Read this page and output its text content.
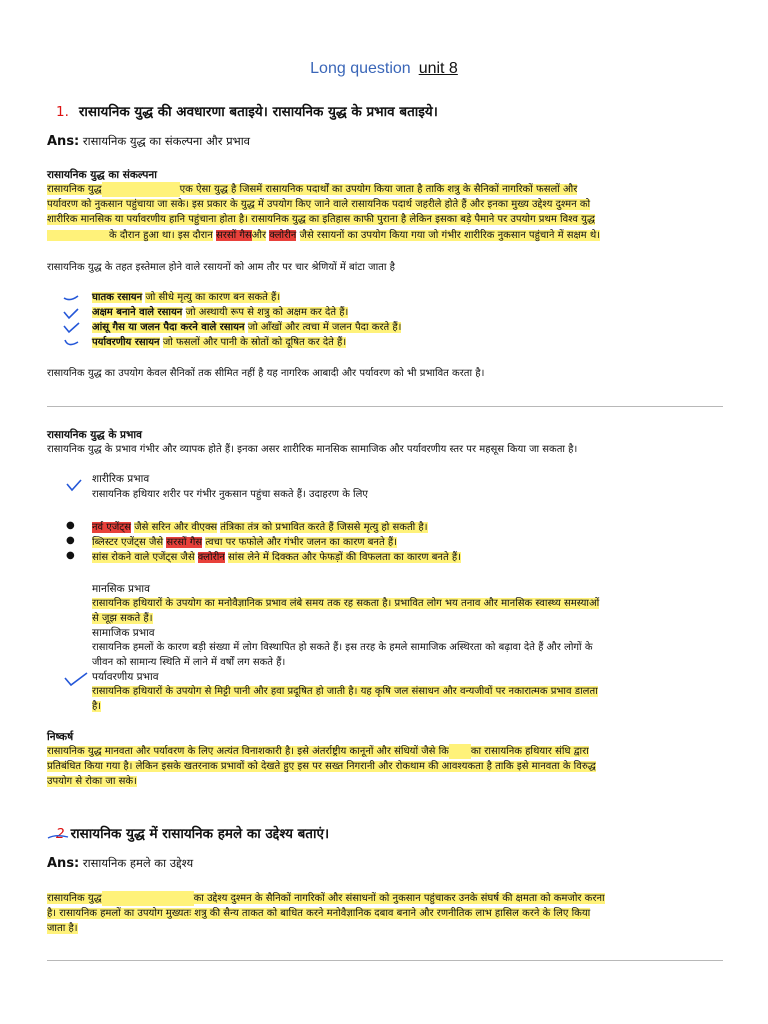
Long question unit 8
1. रासायनिक युद्ध की अवधारणा बताइये। रासायनिक युद्ध के प्रभाव बताइये।
Ans: रासायनिक युद्ध का संकल्पना और प्रभाव
रासायनिक युद्ध का संकल्पना
रासायनिक युद्ध	एक ऐसा युद्ध है जिसमें रासायनिक पदार्थों का उपयोग किया जाता है ताकि शत्रु के सैनिकों नागरिकों फसलों और
पर्यावरण को नुकसान पहुंचाया जा सके। इस प्रकार के युद्ध में उपयोग किए जाने वाले रासायनिक पदार्थ जहरीले होते हैं और इनका मुख्य उद्देश्य दुश्मन को
शारीरिक मानसिक या पर्यावरणीय हानि पहुंचाना होता है। रासायनिक युद्ध का इतिहास काफी पुराना है लेकिन इसका बड़े पैमाने पर उपयोग प्रथम विश्व युद्ध
के दौरान हुआ था। इस दौरान सरसों गैसऔर क्लोरीन जैसे रसायनों का उपयोग किया गया जो गंभीर शारीरिक नुकसान पहुंचाने में सक्षम थे।
रासायनिक युद्ध के तहत इस्तेमाल होने वाले रसायनों को आम तौर पर चार श्रेणियों में बांटा जाता है
घातक रसायन जो सीधे मृत्यु का कारण बन सकते हैं।
अक्षम बनाने वाले रसायन जो अस्थायी रूप से शत्रु को अक्षम कर देते हैं।
आंसू गैस या जलन पैदा करने वाले रसायन जो आँखों और त्वचा में जलन पैदा करते हैं।
पर्यावरणीय रसायन जो फसलों और पानी के स्रोतों को दूषित कर देते हैं।
रासायनिक युद्ध का उपयोग केवल सैनिकों तक सीमित नहीं है यह नागरिक आबादी और पर्यावरण को भी प्रभावित करता है।
रासायनिक युद्ध के प्रभाव
रासायनिक युद्ध के प्रभाव गंभीर और व्यापक होते हैं। इनका असर शारीरिक मानसिक सामाजिक और पर्यावरणीय स्तर पर महसूस किया जा सकता है।
शारीरिक प्रभाव
रासायनिक हथियार शरीर पर गंभीर नुकसान पहुंचा सकते हैं। उदाहरण के लिए
● नर्व एजेंट्स जैसे सरिन और वीएक्स तंत्रिका तंत्र को प्रभावित करते हैं जिससे मृत्यु हो सकती है।
● ब्लिस्टर एजेंट्स जैसे सरसों गैस त्वचा पर फफोले और गंभीर जलन का कारण बनते हैं।
● सांस रोकने वाले एजेंट्स जैसे क्लोरीन सांस लेने में दिक्कत और फेफड़ों की विफलता का कारण बनते हैं।
मानसिक प्रभाव
रासायनिक हथियारों के उपयोग का मनोवैज्ञानिक प्रभाव लंबे समय तक रह सकता है। प्रभावित लोग भय तनाव और मानसिक स्वास्थ्य समस्याओं
से जूझ सकते हैं।
सामाजिक प्रभाव
रासायनिक हमलों के कारण बड़ी संख्या में लोग विस्थापित हो सकते हैं। इस तरह के हमले सामाजिक अस्थिरता को बढ़ावा देते हैं और लोगों के
जीवन को सामान्य स्थिति में लाने में वर्षों लग सकते हैं।
पर्यावरणीय प्रभाव
रासायनिक हथियारों के उपयोग से मिट्टी पानी और हवा प्रदूषित हो जाती है। यह कृषि जल संसाधन और वन्यजीवों पर नकारात्मक प्रभाव डालता
है।
निष्कर्ष
रासायनिक युद्ध मानवता और पर्यावरण के लिए अत्यंत विनाशकारी है। इसे अंतर्राष्ट्रीय कानूनों और संधियों जैसे कि का रासायनिक हथियार संधि द्वारा
प्रतिबंधित किया गया है। लेकिन इसके खतरनाक प्रभावों को देखते हुए इस पर सख्त निगरानी और रोकथाम की आवश्यकता है ताकि इसे मानवता के विरुद्ध
उपयोग से रोका जा सके।
2 रासायनिक युद्ध में रासायनिक हमले का उद्देश्य बताएं।
Ans: रासायनिक हमले का उद्देश्य
रासायनिक युद्ध	का उद्देश्य दुश्मन के सैनिकों नागरिकों और संसाधनों को नुकसान पहुंचाकर उनके संघर्ष की क्षमता को कमजोर करना
है। रासायनिक हमलों का उपयोग मुख्यतः शत्रु की सैन्य ताकत को बाधित करने मनोवैज्ञानिक दबाव बनाने और रणनीतिक लाभ हासिल करने के लिए किया
जाता है।
